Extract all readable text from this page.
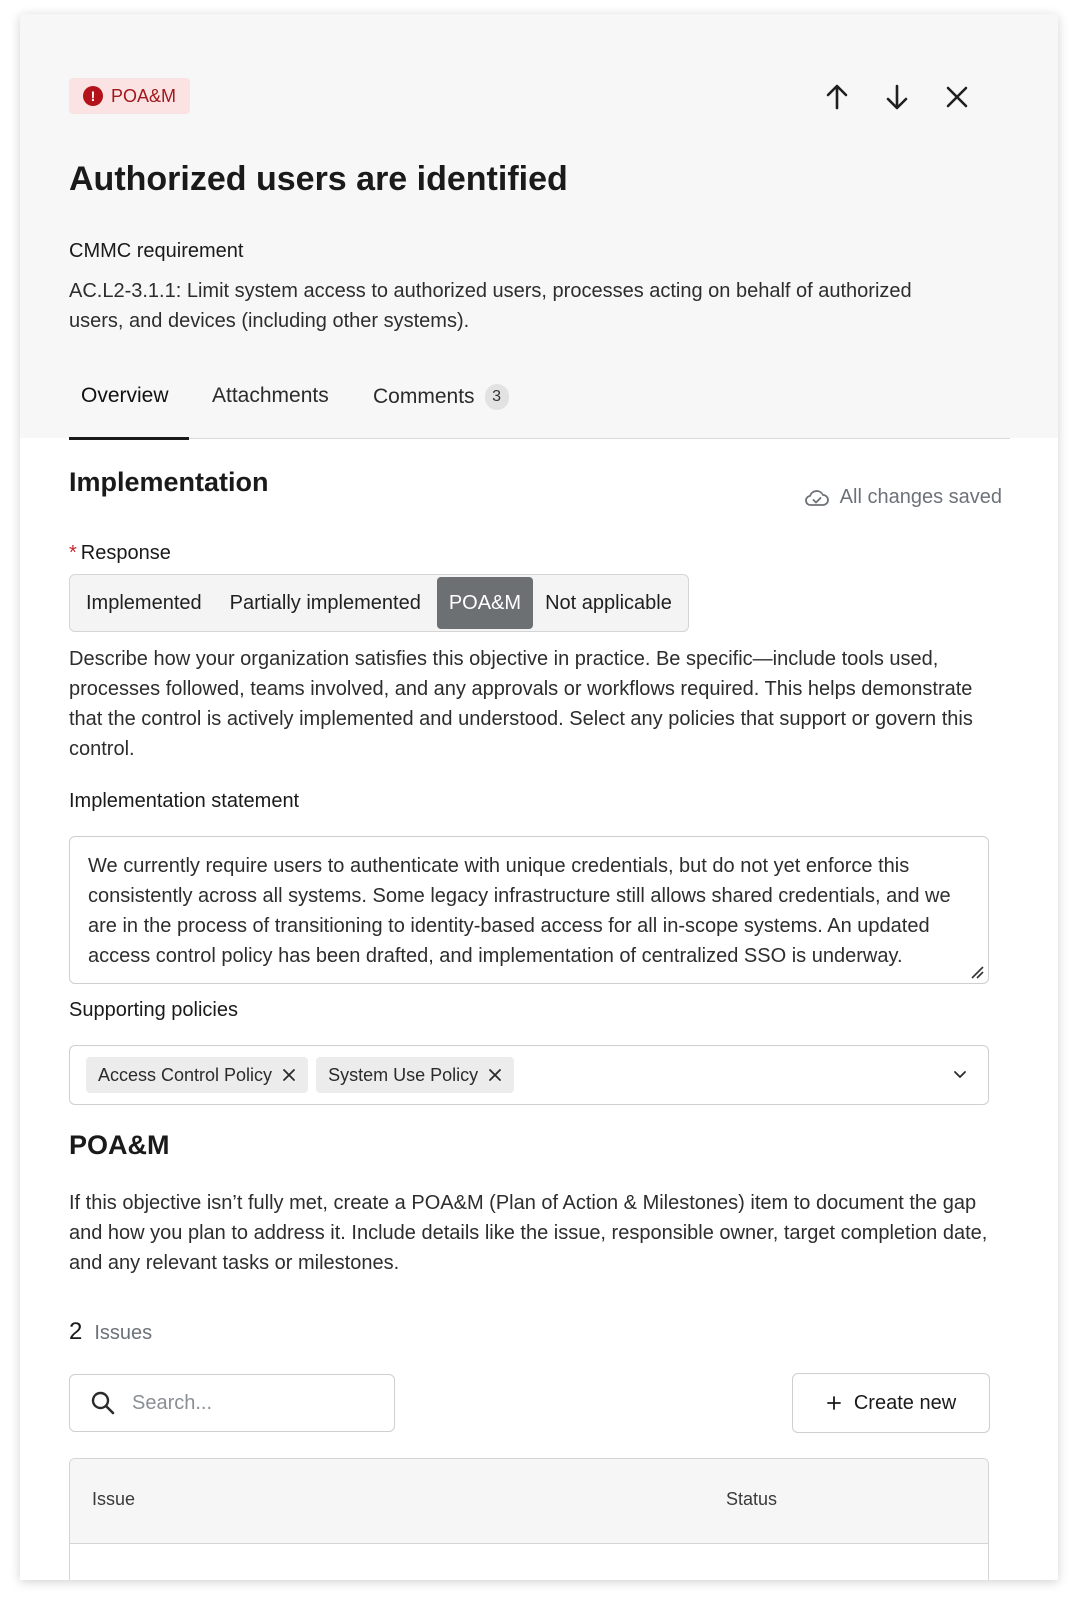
! POA&M
Authorized users are identified
CMMC requirement
AC.L2-3.1.1: Limit system access to authorized users, processes acting on behalf of authorized users, and devices (including other systems).
Overview Attachments Comments	3
Implementation	All changes saved
* Response
Implemented	Partially implemented	POA&M	Not applicable

Describe how your organization satisfies this objective in practice. Be specific—include tools used, processes followed, teams involved, and any approvals or workflows required. This helps demonstrate that the control is actively implemented and understood. Select any policies that support or govern this control.

Implementation statement
We currently require users to authenticate with unique credentials, but do not yet enforce this consistently across all systems. Some legacy infrastructure still allows shared credentials, and we are in the process of transitioning to identity-based access for all in-scope systems. An updated access control policy has been drafted, and implementation of centralized SSO is underway.
Supporting policies
Access Control Policy	System Use Policy
POA&M

If this objective isn’t fully met, create a POA&M (Plan of Action & Milestones) item to document the gap and how you plan to address it. Include details like the issue, responsible owner, target completion date, and any relevant tasks or milestones.

2 Issues
Search...
Create new
Issue	Status
